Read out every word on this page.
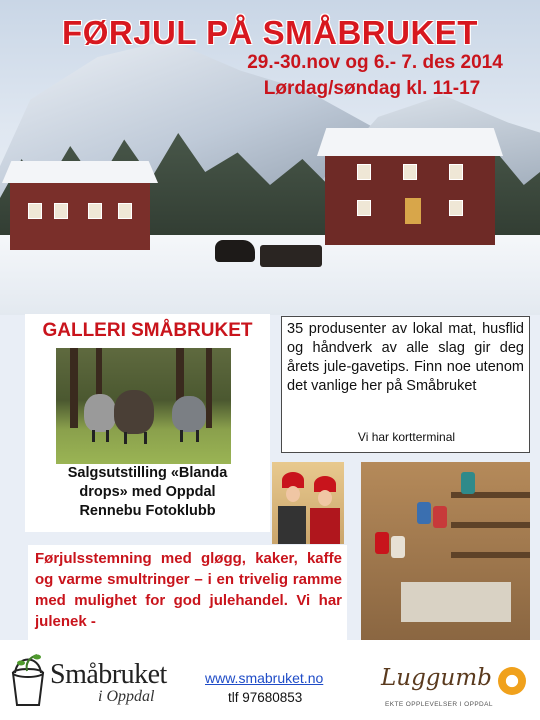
FØRJUL PÅ SMÅBRUKET
29.-30.nov og 6.- 7. des 2014
Lørdag/søndag kl. 11-17
GALLERI SMÅBRUKET
Salgsutstilling «Blanda
drops» med Oppdal
Rennebu Fotoklubb

35 produsenter av lokal mat, husflid og håndverk av alle slag gir deg årets jule-gavetips. Finn noe utenom det vanlige her på Småbruket

Vi har kortterminal

Førjulsstemning med gløgg, kaker, kaffe og varme smultringer – i en trivelig ramme med mulighet for god julehandel. Vi har julenek -

Småbruket
i Oppdal
www.smabruket.no
tlf 97680853
Luggumb
EKTE OPPLEVELSER I OPPDAL
